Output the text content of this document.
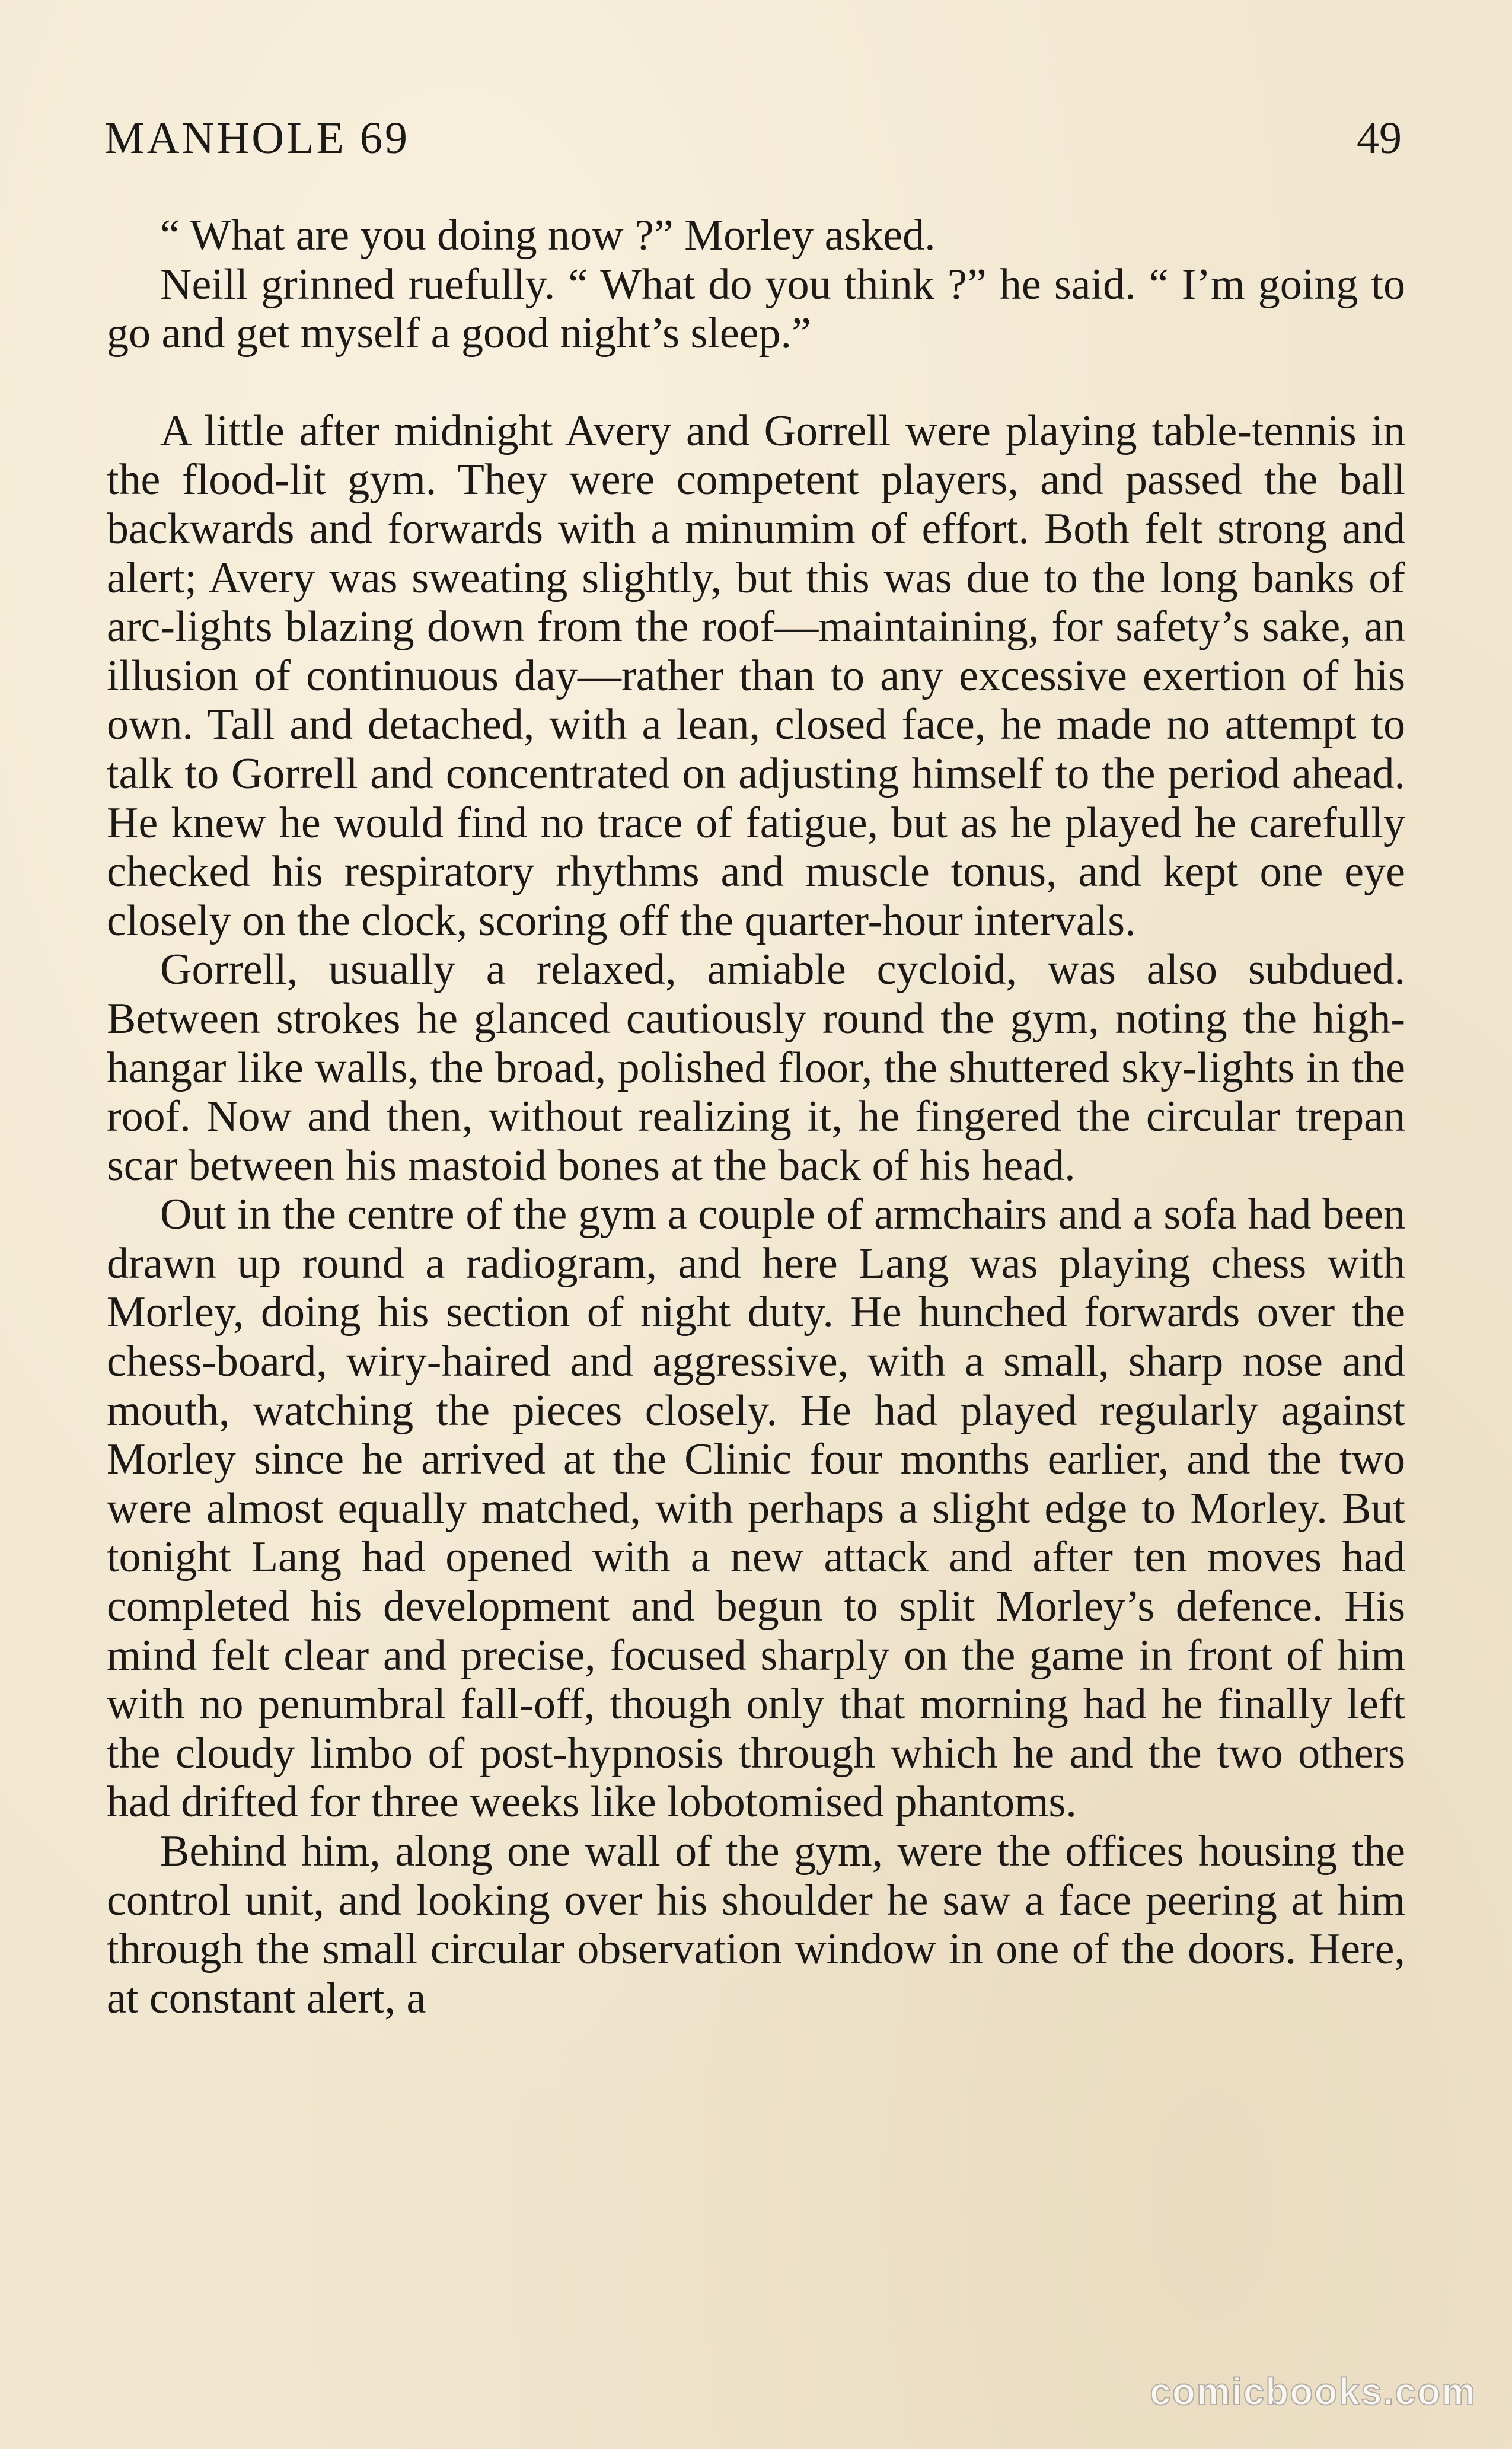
MANHOLE 69	49

“ What are you doing now ?” Morley asked.

Neill grinned ruefully. “ What do you think ?” he said. “ I’m going to go and get myself a good night’s sleep.”

A little after midnight Avery and Gorrell were playing table-tennis in the flood-lit gym. They were competent players, and passed the ball backwards and forwards with a minumim of effort. Both felt strong and alert; Avery was sweating slightly, but this was due to the long banks of arc-lights blazing down from the roof—maintaining, for safety’s sake, an illusion of continuous day—rather than to any excessive exertion of his own. Tall and detached, with a lean, closed face, he made no attempt to talk to Gorrell and concentrated on adjusting himself to the period ahead. He knew he would find no trace of fatigue, but as he played he carefully checked his respiratory rhythms and muscle tonus, and kept one eye closely on the clock, scoring off the quarter-hour intervals.

Gorrell, usually a relaxed, amiable cycloid, was also subdued. Between strokes he glanced cautiously round the gym, noting the high-hangar like walls, the broad, polished floor, the shuttered sky-lights in the roof. Now and then, without realizing it, he fingered the circular trepan scar between his mastoid bones at the back of his head.

Out in the centre of the gym a couple of armchairs and a sofa had been drawn up round a radiogram, and here Lang was playing chess with Morley, doing his section of night duty. He hunched forwards over the chess-board, wiry-haired and aggressive, with a small, sharp nose and mouth, watching the pieces closely. He had played regularly against Morley since he arrived at the Clinic four months earlier, and the two were almost equally matched, with perhaps a slight edge to Morley. But tonight Lang had opened with a new attack and after ten moves had completed his development and begun to split Morley’s defence. His mind felt clear and precise, focused sharply on the game in front of him with no penumbral fall-off, though only that morning had he finally left the cloudy limbo of post-hypnosis through which he and the two others had drifted for three weeks like lobotomised phantoms.

Behind him, along one wall of the gym, were the offices housing the control unit, and looking over his shoulder he saw a face peering at him through the small circular observation window in one of the doors. Here, at constant alert, a

comicbooks.com
